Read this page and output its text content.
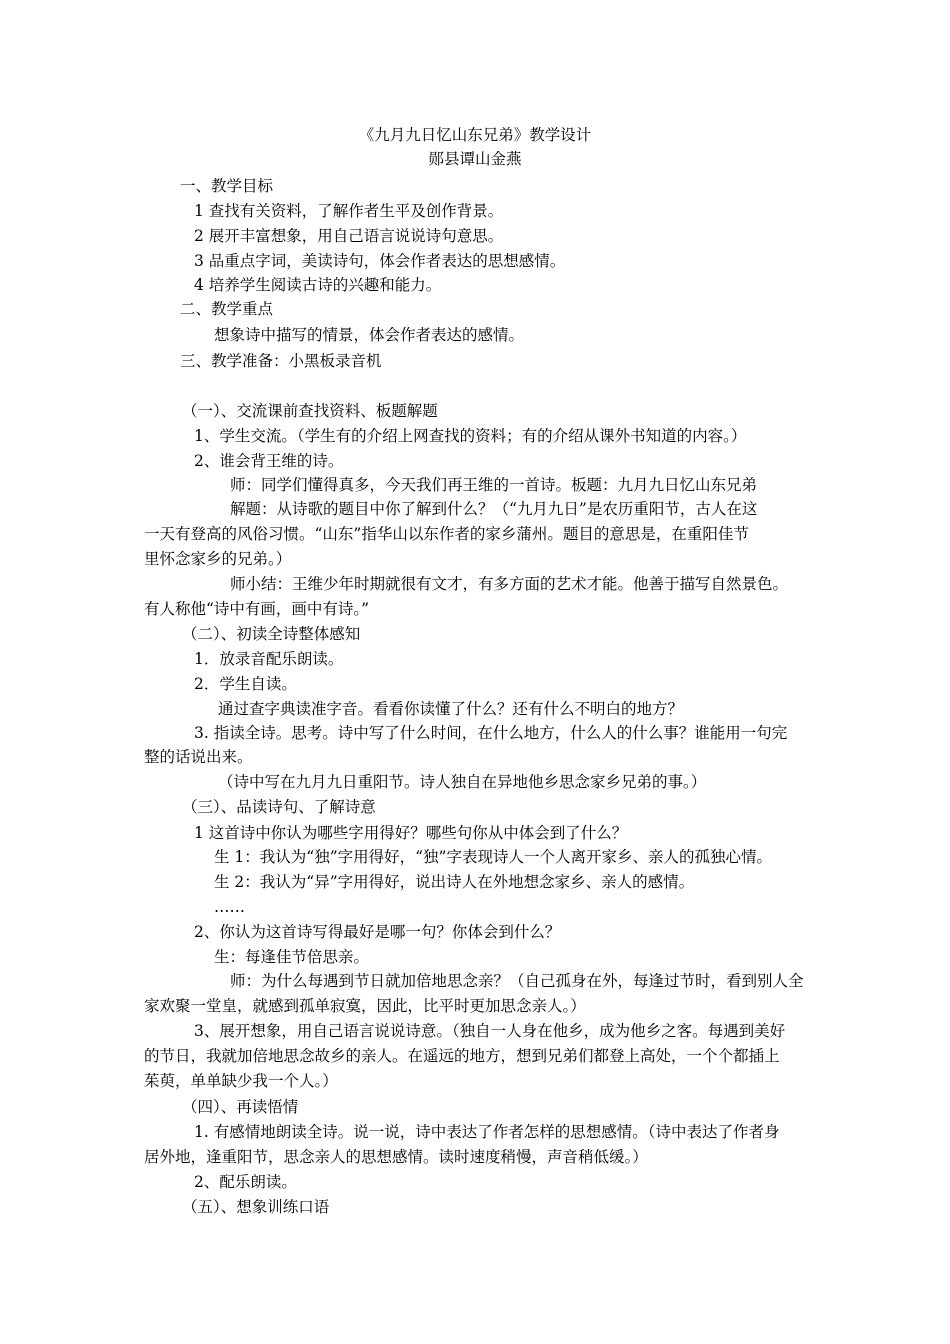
《九月九日忆山东兄弟》教学设计
郧县谭山金燕
一、教学目标
1 查找有关资料，了解作者生平及创作背景。
2 展开丰富想象，用自己语言说说诗句意思。
3 品重点字词，美读诗句，体会作者表达的思想感情。
4 培养学生阅读古诗的兴趣和能力。
二、教学重点
想象诗中描写的情景，体会作者表达的感情。
三、教学准备：小黑板录音机
（一）、交流课前查找资料、板题解题
1、学生交流。（学生有的介绍上网查找的资料；有的介绍从课外书知道的内容。）
2、谁会背王维的诗。
师：同学们懂得真多，今天我们再王维的一首诗。板题：九月九日忆山东兄弟
解题：从诗歌的题目中你了解到什么？（“九月九日”是农历重阳节，古人在这
一天有登高的风俗习惯。“山东”指华山以东作者的家乡蒲州。题目的意思是，在重阳佳节
里怀念家乡的兄弟。）
师小结：王维少年时期就很有文才，有多方面的艺术才能。他善于描写自然景色。
有人称他“诗中有画，画中有诗。”
（二）、初读全诗整体感知
1．放录音配乐朗读。
2．学生自读。
通过查字典读准字音。看看你读懂了什么？还有什么不明白的地方？
3. 指读全诗。思考。诗中写了什么时间，在什么地方，什么人的什么事？谁能用一句完
整的话说出来。
（诗中写在九月九日重阳节。诗人独自在异地他乡思念家乡兄弟的事。）
（三）、品读诗句、了解诗意
1 这首诗中你认为哪些字用得好？哪些句你从中体会到了什么？
生 1：我认为“独”字用得好，“独”字表现诗人一个人离开家乡、亲人的孤独心情。
生 2：我认为“异”字用得好，说出诗人在外地想念家乡、亲人的感情。
……
2、你认为这首诗写得最好是哪一句？你体会到什么？
生：每逢佳节倍思亲。
师：为什么每遇到节日就加倍地思念亲？（自己孤身在外，每逢过节时，看到别人全
家欢聚一堂皇，就感到孤单寂寞，因此，比平时更加思念亲人。）
3、展开想象，用自己语言说说诗意。（独自一人身在他乡，成为他乡之客。每遇到美好
的节日，我就加倍地思念故乡的亲人。在遥远的地方，想到兄弟们都登上高处，一个个都插上
茱萸，单单缺少我一个人。）
（四）、再读悟情
1. 有感情地朗读全诗。说一说，诗中表达了作者怎样的思想感情。（诗中表达了作者身
居外地，逢重阳节，思念亲人的思想感情。读时速度稍慢，声音稍低缓。）
2、配乐朗读。
（五）、想象训练口语
